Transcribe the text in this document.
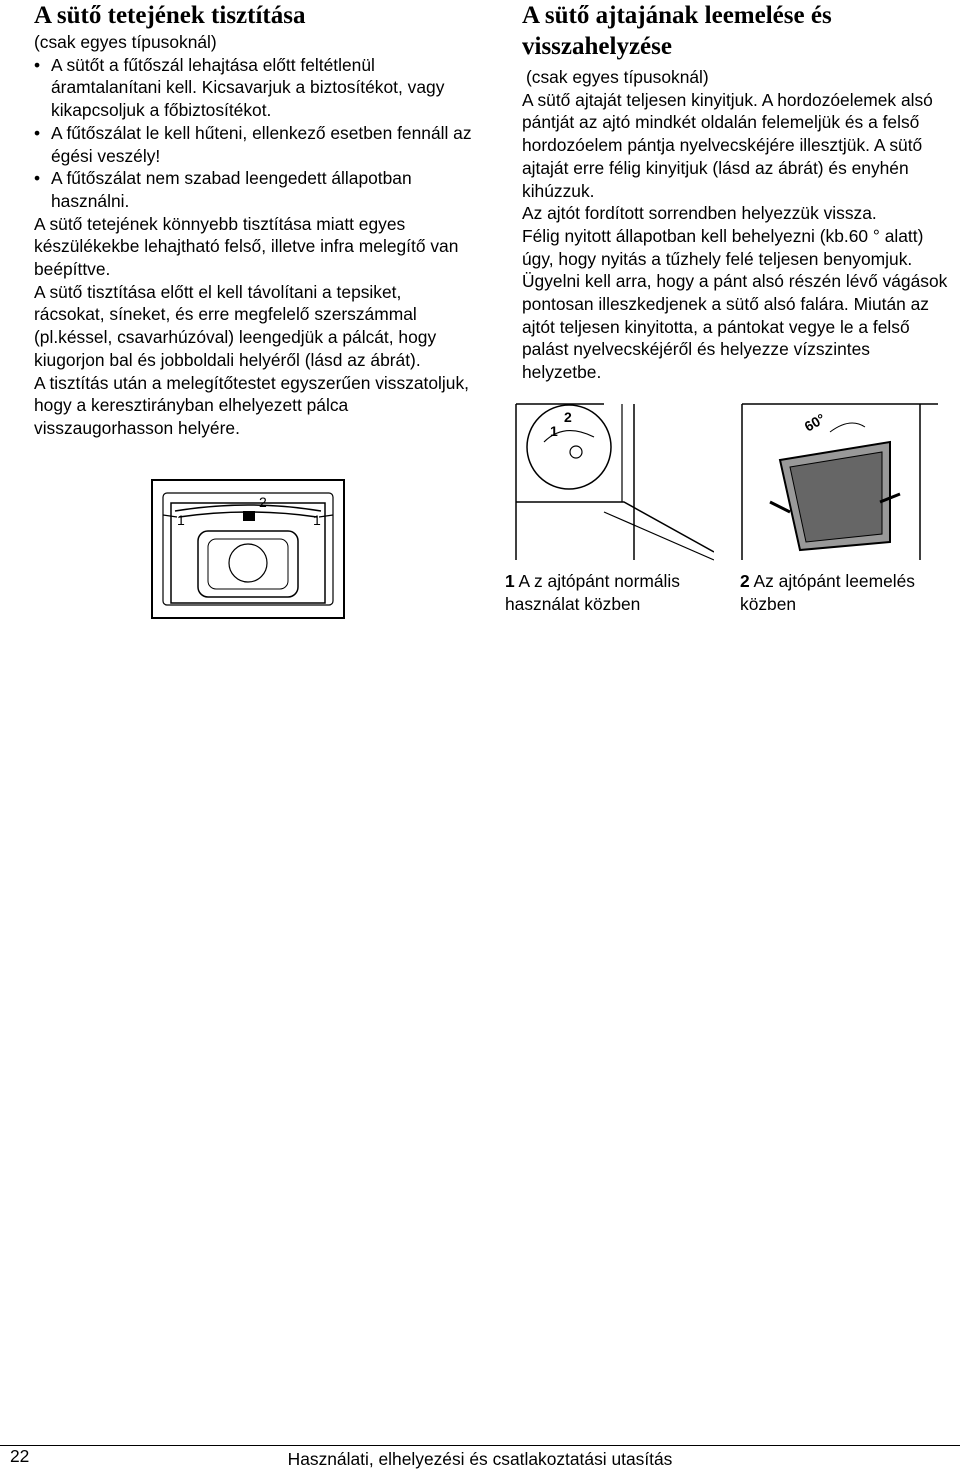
A sütő tetejének tisztítása

(csak egyes típusoknál)

• A sütőt a fűtőszál lehajtása előtt feltétlenül áramtalanítani kell. Kicsavarjuk a biztosítékot, vagy kikapcsoljuk a főbiztosítékot.
• A fűtőszálat le kell hűteni, ellenkező esetben fennáll az égési veszély!
• A fűtőszálat nem szabad leengedett állapotban használni.

A sütő tetejének könnyebb tisztítása miatt egyes készülékekbe lehajtható felső, illetve infra melegítő van beépíttve.

A sütő tisztítása előtt el kell távolítani a tepsiket, rácsokat, síneket, és erre megfelelő szerszámmal (pl.késsel, csavarhúzóval) leengedjük a pálcát, hogy kiugorjon bal és jobboldali helyéről (lásd az ábrát).

A tisztítás után a melegítőtestet egyszerűen visszatoljuk, hogy a keresztirányban elhelyezett pálca visszaugorhasson helyére.

1
2
1
A sütő ajtajának leemelése és visszahelyzése

(csak egyes típusoknál)

A sütő ajtaját teljesen kinyitjuk. A hordozóelemek alsó pántját az ajtó mindkét oldalán felemeljük és a felső hordozóelem pántja nyelvecskéjére illesztjük. A sütő ajtaját erre félig kinyitjuk (lásd az ábrát) és enyhén kihúzzuk.

Az ajtót fordított sorrendben helyezzük vissza.

Félig nyitott állapotban kell behelyezni (kb.60 ° alatt) úgy, hogy nyitás a tűzhely felé teljesen benyomjuk. Ügyelni kell arra, hogy a pánt alsó részén lévő vágások pontosan illeszkedjenek a sütő alsó falára. Miután az ajtót teljesen kinyitotta, a pántokat vegye le a felső palást nyelvecskéjéről és helyezze vízszintes helyzetbe.

2
1	60°
1 A z ajtópánt normális használat közben
2 Az ajtópánt leemelés közben
22	Használati, elhelyezési és csatlakoztatási utasítás
